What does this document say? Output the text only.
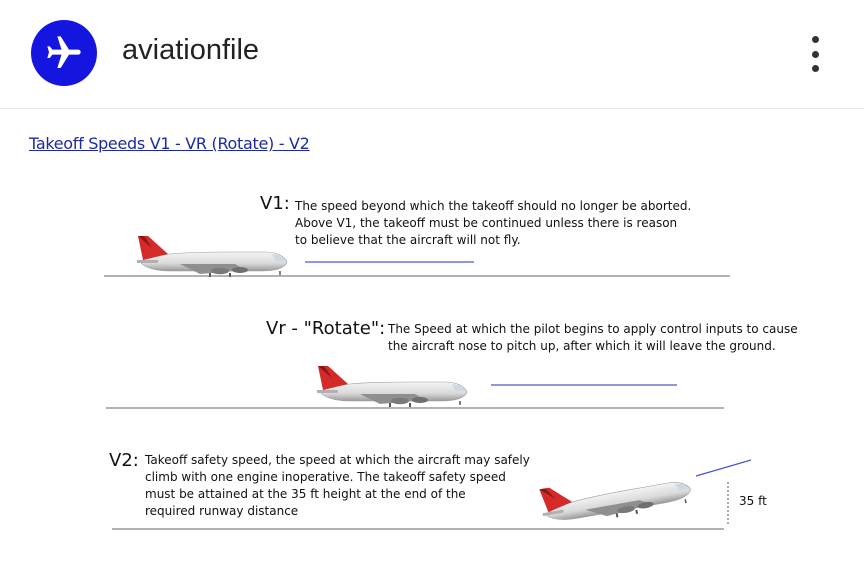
aviationfile
Takeoff Speeds V1 - VR (Rotate) - V2
V1: The speed beyond which the takeoff should no longer be aborted.
Above V1, the takeoff must be continued unless there is reason
to believe that the aircraft will not fly.
Vr - "Rotate": The Speed at which the pilot begins to apply control inputs to cause
the aircraft nose to pitch up, after which it will leave the ground.
V2: Takeoff safety speed, the speed at which the aircraft may safely
climb with one engine inoperative. The takeoff safety speed
must be attained at the 35 ft height at the end of the
required runway distance
35 ft
